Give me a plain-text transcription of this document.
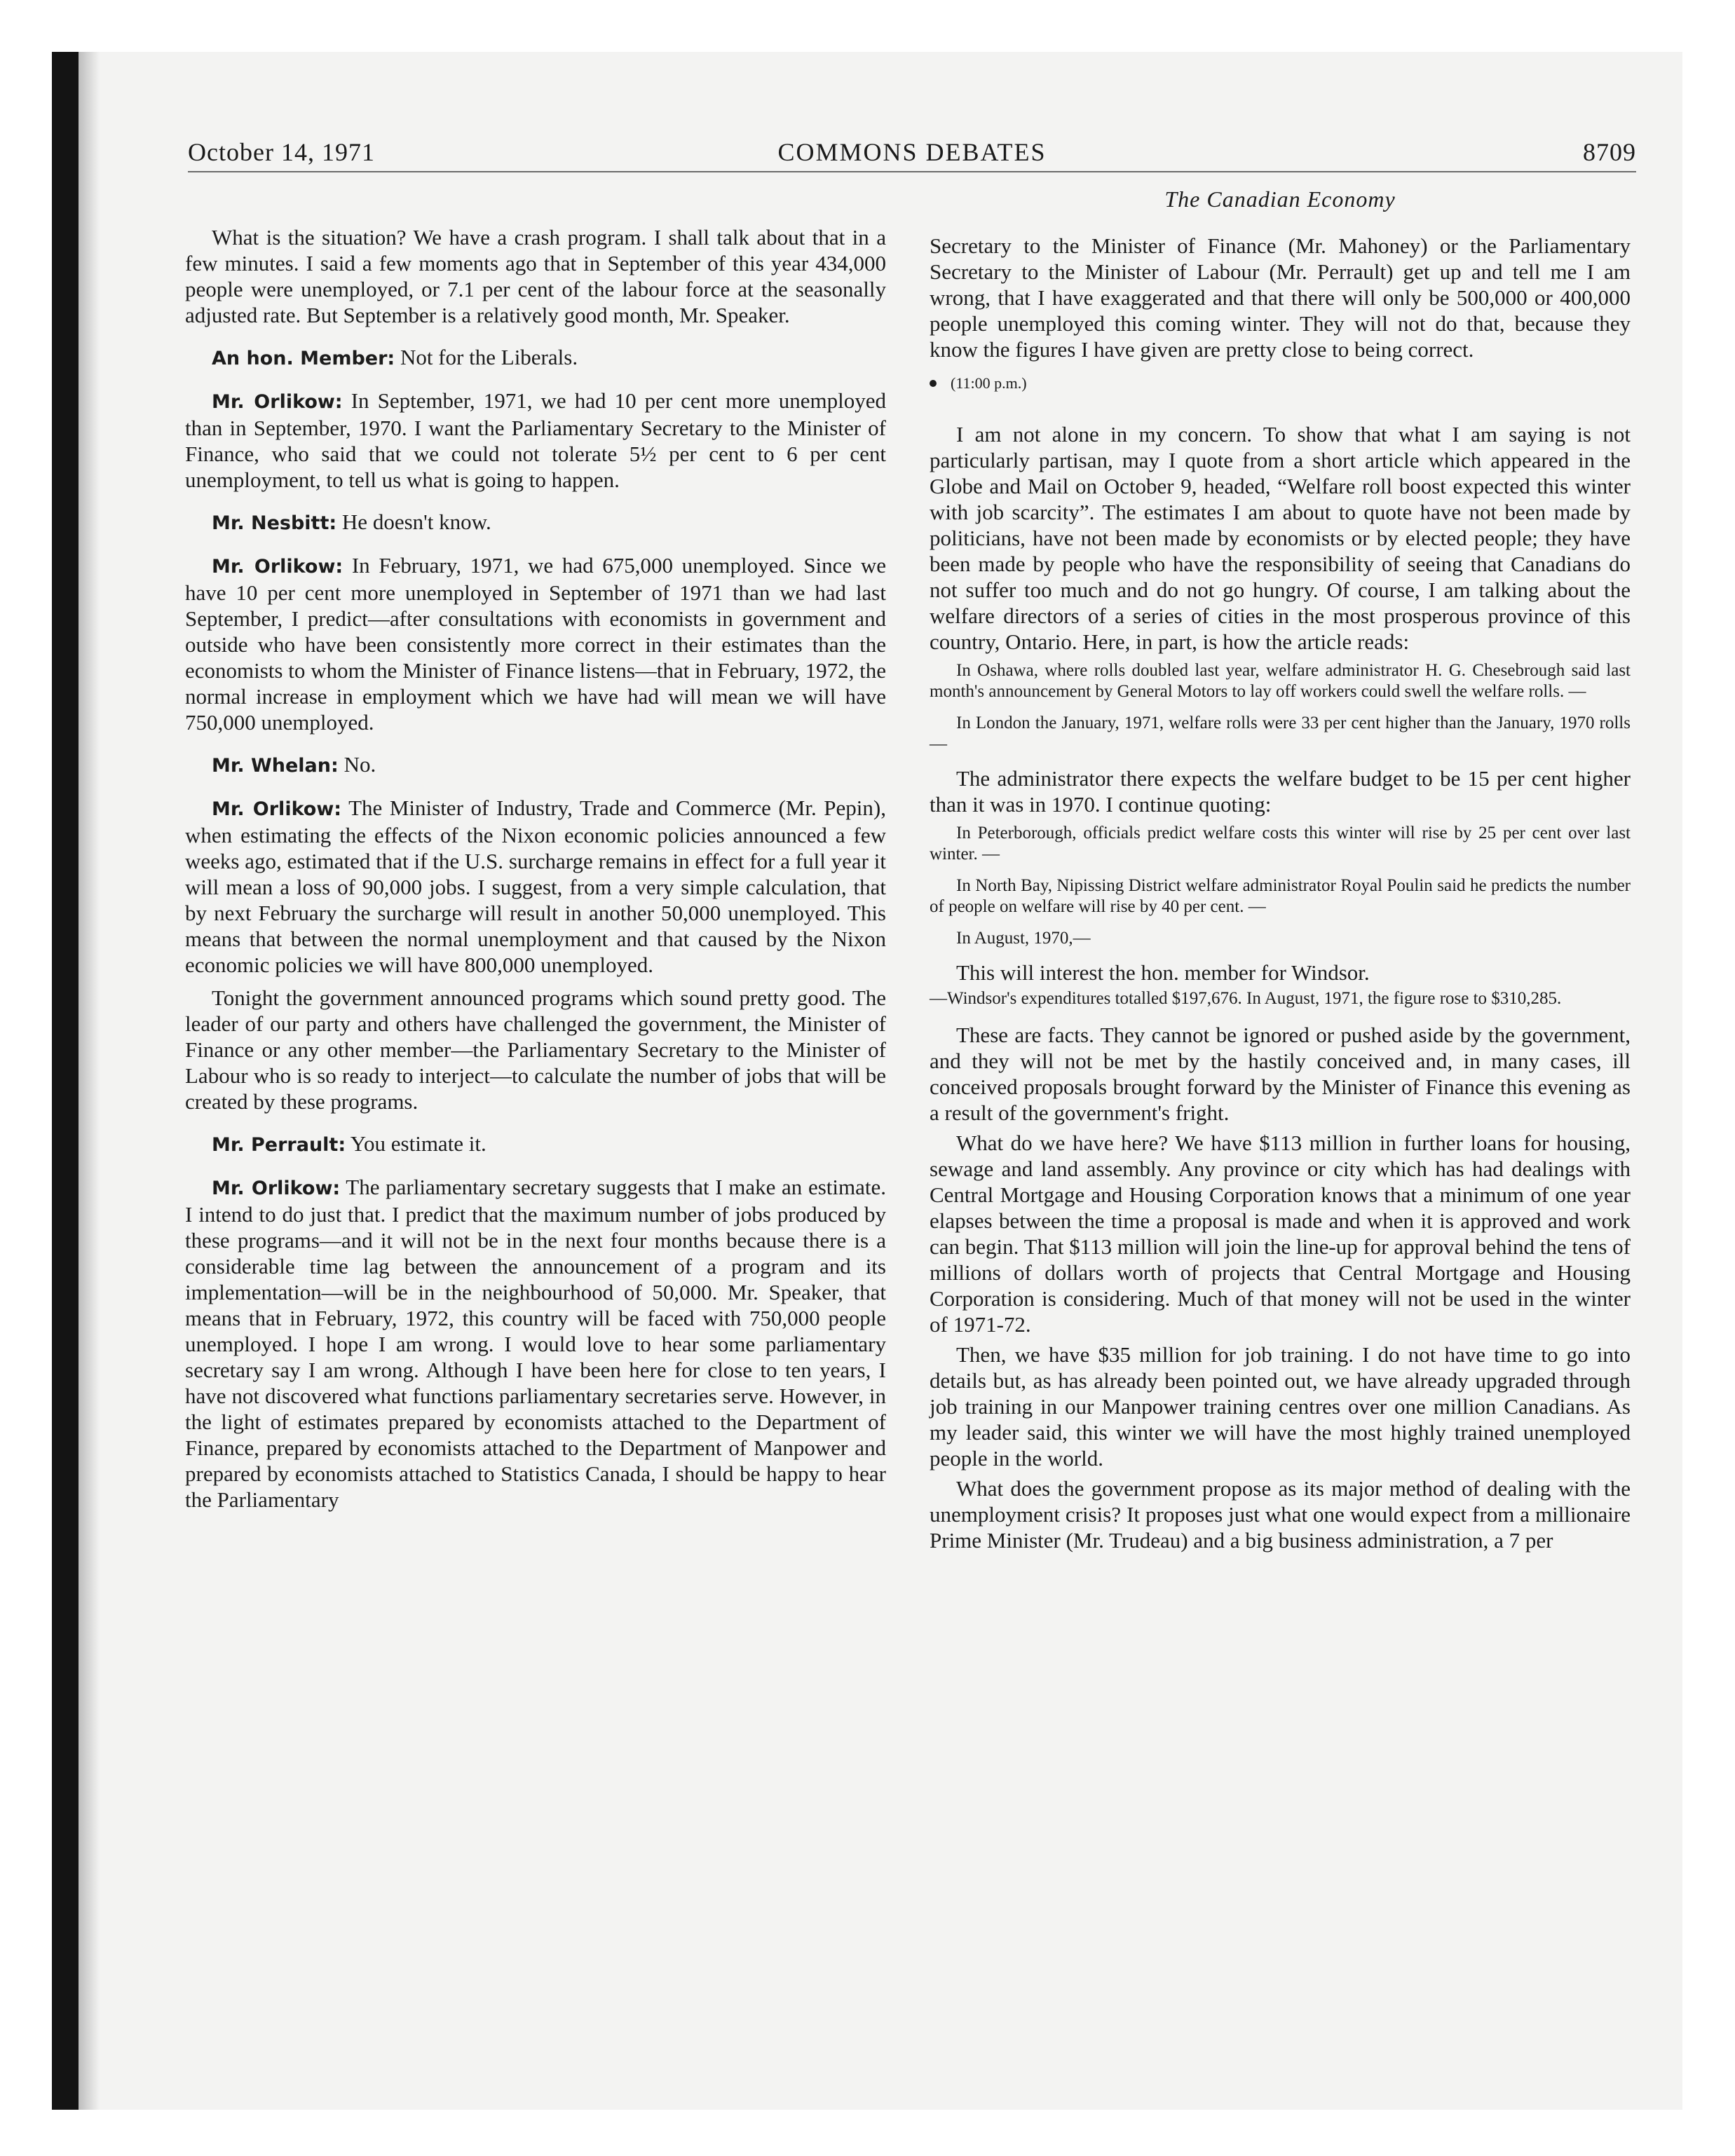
COMMONS DEBATES
October 14, 1971	8709
The Canadian Economy

What is the situation? We have a crash program. I shall talk about that in a few minutes. I said a few moments ago that in September of this year 434,000 people were unemployed, or 7.1 per cent of the labour force at the seasonally adjusted rate. But September is a relatively good month, Mr. Speaker.

An hon. Member: Not for the Liberals.

Mr. Orlikow: In September, 1971, we had 10 per cent more unemployed than in September, 1970. I want the Parliamentary Secretary to the Minister of Finance, who said that we could not tolerate 5½ per cent to 6 per cent unemployment, to tell us what is going to happen.

Mr. Nesbitt: He doesn't know.

Mr. Orlikow: In February, 1971, we had 675,000 unemployed. Since we have 10 per cent more unemployed in September of 1971 than we had last September, I predict—after consultations with economists in government and outside who have been consistently more correct in their estimates than the economists to whom the Minister of Finance listens—that in February, 1972, the normal increase in employment which we have had will mean we will have 750,000 unemployed.

Mr. Whelan: No.

Mr. Orlikow: The Minister of Industry, Trade and Commerce (Mr. Pepin), when estimating the effects of the Nixon economic policies announced a few weeks ago, estimated that if the U.S. surcharge remains in effect for a full year it will mean a loss of 90,000 jobs. I suggest, from a very simple calculation, that by next February the surcharge will result in another 50,000 unemployed. This means that between the normal unemployment and that caused by the Nixon economic policies we will have 800,000 unemployed.

Tonight the government announced programs which sound pretty good. The leader of our party and others have challenged the government, the Minister of Finance or any other member—the Parliamentary Secretary to the Minister of Labour who is so ready to interject—to calculate the number of jobs that will be created by these programs.

Mr. Perrault: You estimate it.

Mr. Orlikow: The parliamentary secretary suggests that I make an estimate. I intend to do just that. I predict that the maximum number of jobs produced by these programs—and it will not be in the next four months because there is a considerable time lag between the announcement of a program and its implementation—will be in the neighbourhood of 50,000. Mr. Speaker, that means that in February, 1972, this country will be faced with 750,000 people unemployed. I hope I am wrong. I would love to hear some parliamentary secretary say I am wrong. Although I have been here for close to ten years, I have not discovered what functions parliamentary secretaries serve. However, in the light of estimates prepared by economists attached to the Department of Finance, prepared by economists attached to the Department of Manpower and prepared by economists attached to Statistics Canada, I should be happy to hear the Parliamentary

Secretary to the Minister of Finance (Mr. Mahoney) or the Parliamentary Secretary to the Minister of Labour (Mr. Perrault) get up and tell me I am wrong, that I have exaggerated and that there will only be 500,000 or 400,000 people unemployed this coming winter. They will not do that, because they know the figures I have given are pretty close to being correct.

(11:00 p.m.)

I am not alone in my concern. To show that what I am saying is not particularly partisan, may I quote from a short article which appeared in the Globe and Mail on October 9, headed, “Welfare roll boost expected this winter with job scarcity”. The estimates I am about to quote have not been made by politicians, have not been made by economists or by elected people; they have been made by people who have the responsibility of seeing that Canadians do not suffer too much and do not go hungry. Of course, I am talking about the welfare directors of a series of cities in the most prosperous province of this country, Ontario. Here, in part, is how the article reads:

In Oshawa, where rolls doubled last year, welfare administrator H. G. Chesebrough said last month's announcement by General Motors to lay off workers could swell the welfare rolls. —

In London the January, 1971, welfare rolls were 33 per cent higher than the January, 1970 rolls—

The administrator there expects the welfare budget to be 15 per cent higher than it was in 1970. I continue quoting:

In Peterborough, officials predict welfare costs this winter will rise by 25 per cent over last winter. —

In North Bay, Nipissing District welfare administrator Royal Poulin said he predicts the number of people on welfare will rise by 40 per cent. —

In August, 1970,—

This will interest the hon. member for Windsor.

—Windsor's expenditures totalled $197,676. In August, 1971, the figure rose to $310,285.

These are facts. They cannot be ignored or pushed aside by the government, and they will not be met by the hastily conceived and, in many cases, ill conceived proposals brought forward by the Minister of Finance this evening as a result of the government's fright.

What do we have here? We have $113 million in further loans for housing, sewage and land assembly. Any province or city which has had dealings with Central Mortgage and Housing Corporation knows that a minimum of one year elapses between the time a proposal is made and when it is approved and work can begin. That $113 million will join the line-up for approval behind the tens of millions of dollars worth of projects that Central Mortgage and Housing Corporation is considering. Much of that money will not be used in the winter of 1971-72.

Then, we have $35 million for job training. I do not have time to go into details but, as has already been pointed out, we have already upgraded through job training in our Manpower training centres over one million Canadians. As my leader said, this winter we will have the most highly trained unemployed people in the world.

What does the government propose as its major method of dealing with the unemployment crisis? It proposes just what one would expect from a millionaire Prime Minister (Mr. Trudeau) and a big business administration, a 7 per
